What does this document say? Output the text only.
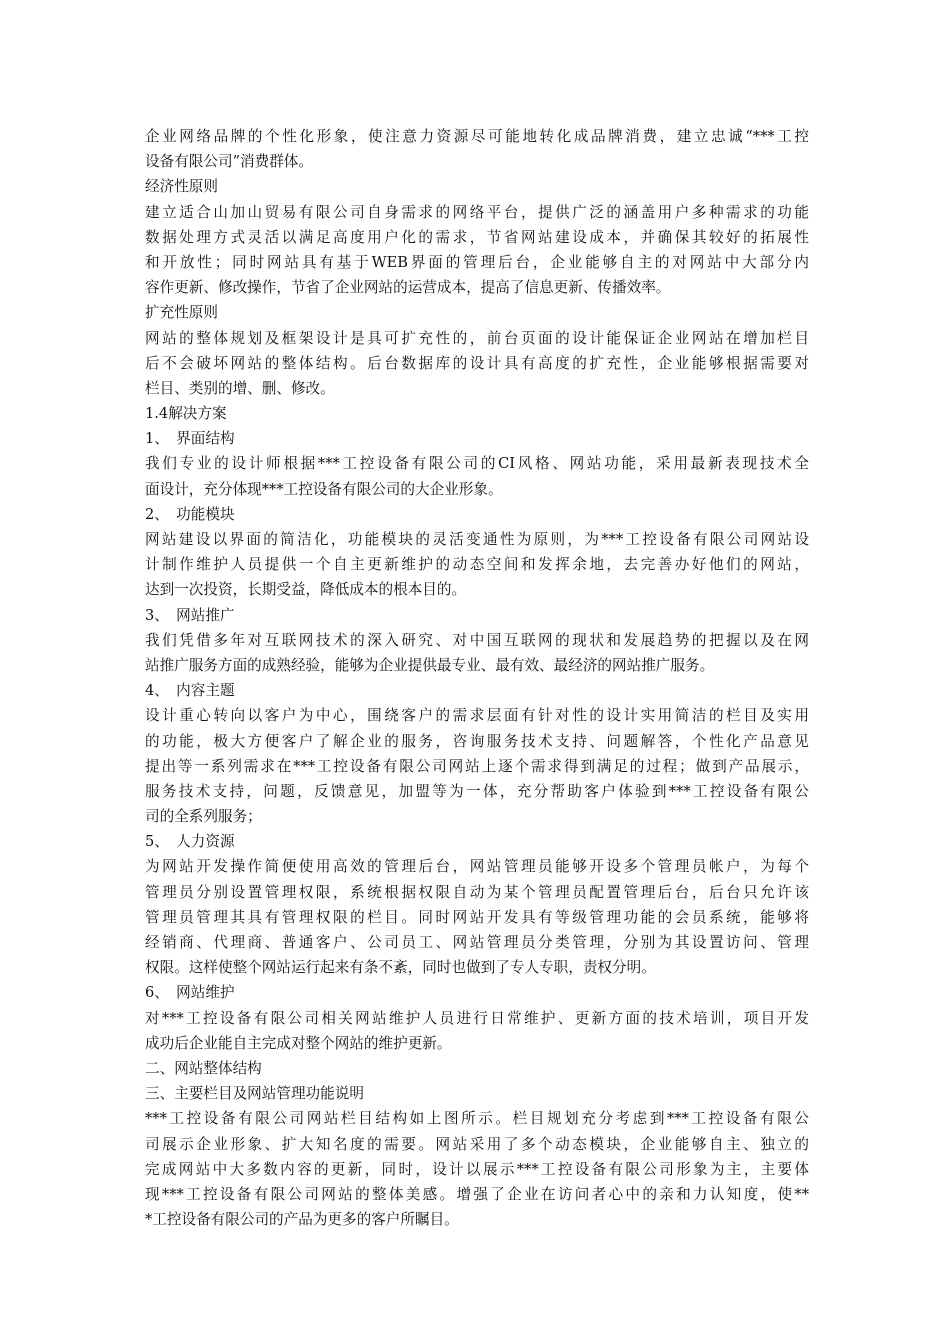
企业网络品牌的个性化形象，使注意力资源尽可能地转化成品牌消费，建立忠诚“***工控
设备有限公司”消费群体。
经济性原则
建立适合山加山贸易有限公司自身需求的网络平台，提供广泛的涵盖用户多种需求的功能
数据处理方式灵活以满足高度用户化的需求，节省网站建设成本，并确保其较好的拓展性
和开放性；同时网站具有基于WEB界面的管理后台，企业能够自主的对网站中大部分内
容作更新、修改操作，节省了企业网站的运营成本，提高了信息更新、传播效率。
扩充性原则
网站的整体规划及框架设计是具可扩充性的，前台页面的设计能保证企业网站在增加栏目
后不会破坏网站的整体结构。后台数据库的设计具有高度的扩充性，企业能够根据需要对
栏目、类别的增、删、修改。
1.4解决方案
1、　界面结构
我们专业的设计师根据***工控设备有限公司的CI风格、网站功能，采用最新表现技术全
面设计，充分体现***工控设备有限公司的大企业形象。
2、　功能模块
网站建设以界面的简洁化，功能模块的灵活变通性为原则，为***工控设备有限公司网站设
计制作维护人员提供一个自主更新维护的动态空间和发挥余地，去完善办好他们的网站，
达到一次投资，长期受益，降低成本的根本目的。
3、　网站推广
我们凭借多年对互联网技术的深入研究、对中国互联网的现状和发展趋势的把握以及在网
站推广服务方面的成熟经验，能够为企业提供最专业、最有效、最经济的网站推广服务。
4、　内容主题
设计重心转向以客户为中心，围绕客户的需求层面有针对性的设计实用简洁的栏目及实用
的功能，极大方便客户了解企业的服务，咨询服务技术支持、问题解答，个性化产品意见
提出等一系列需求在***工控设备有限公司网站上逐个需求得到满足的过程；做到产品展示，
服务技术支持，问题，反馈意见，加盟等为一体，充分帮助客户体验到***工控设备有限公
司的全系列服务；
5、　人力资源
为网站开发操作简便使用高效的管理后台，网站管理员能够开设多个管理员帐户，为每个
管理员分别设置管理权限，系统根据权限自动为某个管理员配置管理后台，后台只允许该
管理员管理其具有管理权限的栏目。同时网站开发具有等级管理功能的会员系统，能够将
经销商、代理商、普通客户、公司员工、网站管理员分类管理，分别为其设置访问、管理
权限。这样使整个网站运行起来有条不紊，同时也做到了专人专职，责权分明。
6、　网站维护
对***工控设备有限公司相关网站维护人员进行日常维护、更新方面的技术培训，项目开发
成功后企业能自主完成对整个网站的维护更新。
二、网站整体结构
三、主要栏目及网站管理功能说明
***工控设备有限公司网站栏目结构如上图所示。栏目规划充分考虑到***工控设备有限公
司展示企业形象、扩大知名度的需要。网站采用了多个动态模块，企业能够自主、独立的
完成网站中大多数内容的更新，同时，设计以展示***工控设备有限公司形象为主，主要体
现***工控设备有限公司网站的整体美感。增强了企业在访问者心中的亲和力认知度，使**
*工控设备有限公司的产品为更多的客户所瞩目。
